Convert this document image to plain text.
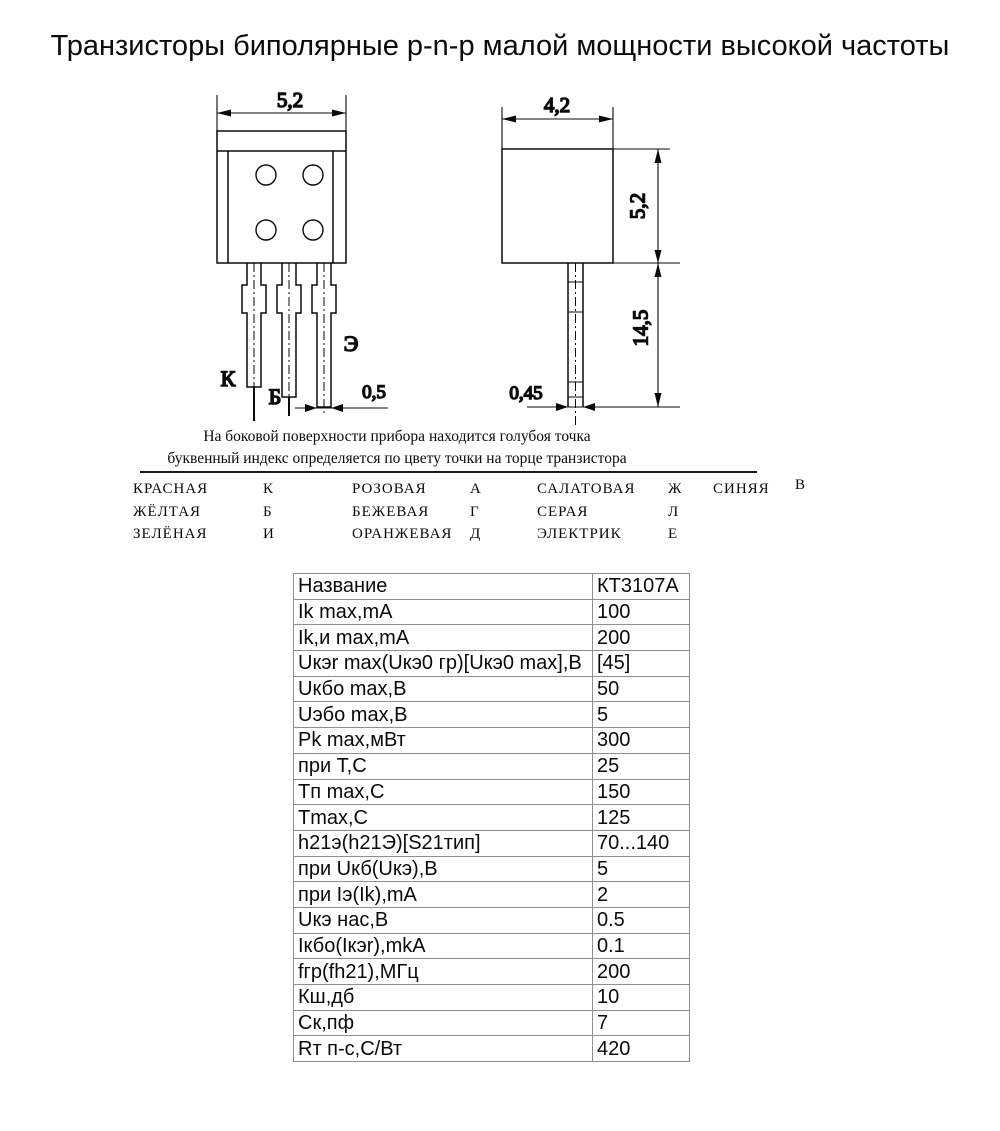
Транзисторы биполярные p-n-p малой мощности высокой частоты
5,2
К
Б
Э
0,5
4,2
5,2
14,5
0,45
На боковой поверхности прибора находится голубоя точка
буквенный индекс определяется по цвету точки на торце транзистора
КРАСНАЯ	К	РОЗОВАЯ	А	САЛАТОВАЯ Ж СИНЯЯ В
ЖЁЛТАЯ	Б	БЕЖЕВАЯ	Г	СЕРАЯ	Л
ЗЕЛЁНАЯ	И	ОРАНЖЕВАЯ Д	ЭЛЕКТРИК	Е
Название	КТ3107А
Ik max,mA	100
Ik,и max,mA	200
Uкэr max(Uкэ0 гр)[Uкэ0 max],В	[45]
Uкбо max,В	50
Uэбо max,В	5
Pk max,мВт	300
при T,C	25
Tп max,C	150
Tmax,C	125
h21э(h21Э)[S21тип]	70...140
при Uкб(Uкэ),В	5
при Iэ(Ik),mA	2
Uкэ нас,В	0.5
Iкбо(Iкэr),mkA	0.1
fгр(fh21),МГц	200
Кш,дб	10
Ск,пф	7
Rт п-с,С/Вт	420
